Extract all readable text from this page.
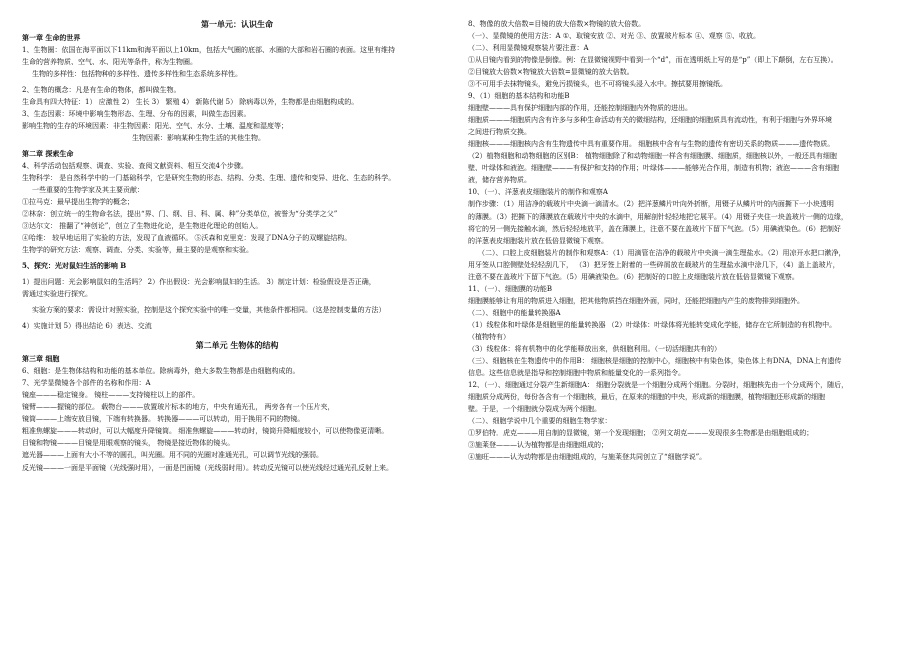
第一单元：认识生命
第一章 生命的世界
1、生物圈：依国在海平面以下11km和海平面以上10km，包括大气圈的底部、水圈的大部和岩石圈的表面。这里有维持
生命的营养物质、空气、水、阳光等条件，称为生物圈。
生物的多样性：包括物种的多样性、遗传多样性和生态系统多样性。
2、生物的概念：凡是有生命的物体，都叫做生物。
生命具有四大特征：1） 应激性 2） 生长 3） 繁殖 4） 新陈代谢 5） 除病毒以外，生物都是由细胞构成的。
3、生态因素：环境中影响生物形态、生理、分布的因素，叫做生态因素。
影响生物的生存的环境因素：非生物因素：阳光、空气、水分、土壤、温度和湿度等；
生物因素：影响某种生物生活的其他生物。
第二章 探索生命
4、科学活动包括观察、调查、实验、查阅文献资料、相互交流4个步骤。
生物科学： 是自然科学中的一门基础科学，它是研究生物的形态、结构、分类、生理、遗传和变异、进化、生态的科学。
一些重要的生物学家及其主要贡献：
①拉马克：最早提出生物学的概念；
②林奈：创立统一的生物命名法，提出“界、门、纲、目、科、属、种”分类单位，被誉为“分类学之父”
③达尔文： 推翻了“神创论”，创立了生物进化论，是生物进化理论的创始人。
④哈维： 较早地运用了实验的方法，发现了血液循环。 ⑤沃森和克里克：发现了DNA分子的双螺旋结构。
生物学的研究方法：观察、调查、分类、实验等，最主要的是观察和实验。
5、探究：光对鼠妇生活的影响 B
1）提出问题：光会影响鼠妇的生活吗？ 2）作出假设：光会影响鼠妇的生活。 3）制定计划：检验假设是否正确，
需通过实验进行探究。
实验方案的要求：需设计对照实验，控制是这个探究实验中的唯一变量，其他条件都相同。（这是控制变量的方法）
4）实施计划 5）得出结论 6）表达、交流
第二单元 生物体的结构
第三章 细胞
6、细胞：是生物体结构和功能的基本单位。除病毒外，绝大多数生物都是由细胞构成的。
7、光学显微镜各个部件的名称和作用：A
镜座———稳定镜身。 镜柱———支持镜柱以上的部件。
镜臂———握镜的部位。 载物台———放置玻片标本的地方，中央有通光孔， 两旁各有一个压片夹，
镜筒———上端安放目镜，下端有转换器。 转换器———可以转动，用于换用不同的物镜。
粗准焦螺旋———转动时，可以大幅度升降镜筒。 细准焦螺旋———转动时，镜筒升降幅度较小，可以使物像更清晰。
目镜和物镜———目镜是用眼观察的镜头， 物镜是接近物体的镜头。
遮光器———上面有大小不等的圆孔，叫光圈。用不同的光圈对准通光孔，可以调节光线的强弱。
反光镜———一面是平面镜（光线强时用），一面是凹面镜（光线弱时用）。转动反光镜可以使光线经过通光孔反射上来。
8、物像的放大倍数=目镜的放大倍数×物镜的放大倍数。
（一）、显微镜的使用方法：A ①、取镜安放 ②、对光 ③、放置玻片标本 ④、观察 ⑤、收放。
（二）、利用显微镜观察装片要注意：A
①从目镜内看到的物像是倒像。例：在显微镜视野中看到一个“d”，而在透明纸上写的是“p”（即上下颠倒，左右互换）。
②目镜放大倍数×物镜放大倍数=显微镜的放大倍数。
③不可用手去抹物镜头，避免污损镜头，也不可将镜头浸入水中。擦拭要用擦镜纸。
9、（1）细胞的基本结构和功能B
细胞壁———具有保护细胞内部的作用，还能控制细胞内外物质的进出。
细胞质———细胞质内含有许多与多种生命活动有关的微细结构，还细胞的细胞质具有流动性，有利于细胞与外界环境
之间进行物质交换。
细胞核———细胞核内含有生物遗传中具有重要作用。 细胞核中含有与生物的遗传有密切关系的物质———遗传物质。
（2）植物细胞和动物细胞的区别B： 植物细胞除了和动物细胞一样含有细胞膜、细胞质，细胞核以外，一般还具有细胞
壁、叶绿体和液泡。细胞壁———有保护和支持的作用；叶绿体———能够光合作用，制造有机物；液泡———含有细胞
液，储存营养物质。
10、（一）、洋葱表皮细胞装片的制作和观察A
制作步骤：（1）用洁净的载玻片中央滴一滴清水。（2）把洋葱鳞片叶向外折断，用镊子从鳞片叶的内面撕下一小块透明
的薄膜。（3）把撕下的薄膜放在载玻片中央的水滴中，用解剖针轻轻地把它展平。（4）用镊子夹住一块盖玻片一侧的边缘，
将它的另一侧先接触水滴，然后轻轻地放平，盖在薄膜上，注意不要在盖玻片下留下气泡。（5）用碘液染色。（6）把制好
的洋葱表皮细胞装片放在低倍显微镜下观察。
（二）、口腔上皮细胞装片的制作和观察A：（1）用滴管在洁净的载玻片中央滴一滴生理盐水。（2）用凉开水把口漱净，
用牙签从口腔侧壁处轻轻刮几下， （3）把牙签上附着的一些碎屑放在载玻片的生理盐水滴中涂几下，（4）盖上盖玻片，
注意不要在盖玻片下留下气泡。（5）用碘液染色。（6）把制好的口腔上皮细胞装片放在低倍显微镜下观察。
11、（一）、细胞膜的功能B
细胞膜能够让有用的物质进入细胞，把其他物质挡在细胞外面，同时，还能把细胞内产生的废物排到细胞外。
（二）、细胞中的能量转换器A
（1）线粒体和叶绿体是细胞里的能量转换器 （2）叶绿体：叶绿体将光能转变成化学能，储存在它所制造的有机物中。
（植物特有）
（3）线粒体：将有机物中的化学能释放出来，供细胞利用。（一切活细胞共有的）
（三）、细胞核在生物遗传中的作用B： 细胞核是细胞的控制中心，细胞核中有染色体，染色体上有DNA，DNA上有遗传
信息。这些信息就是指导和控制细胞中物质和能量变化的一系列指令。
12、（一）、细胞通过分裂产生新细胞A： 细胞分裂就是一个细胞分成两个细胞。分裂时，细胞核先由一个分成两个，随后，
细胞质分成两份，每份各含有一个细胞核，最后，在原来的细胞的中央，形成新的细胞膜，植物细胞还形成新的细胞
壁。于是，一个细胞就分裂成为两个细胞。
（二）、细胞学说中几个重要的细胞生物学家：
①罗伯特．虎克———用自制的显微镜，第一个发现细胞； ②列文胡克———发现很多生物都是由细胞组成的；
③施莱登———认为植物都是由细胞组成的；
④施旺———认为动物都是由细胞组成的，与施莱登共同创立了“细胞学说”。
